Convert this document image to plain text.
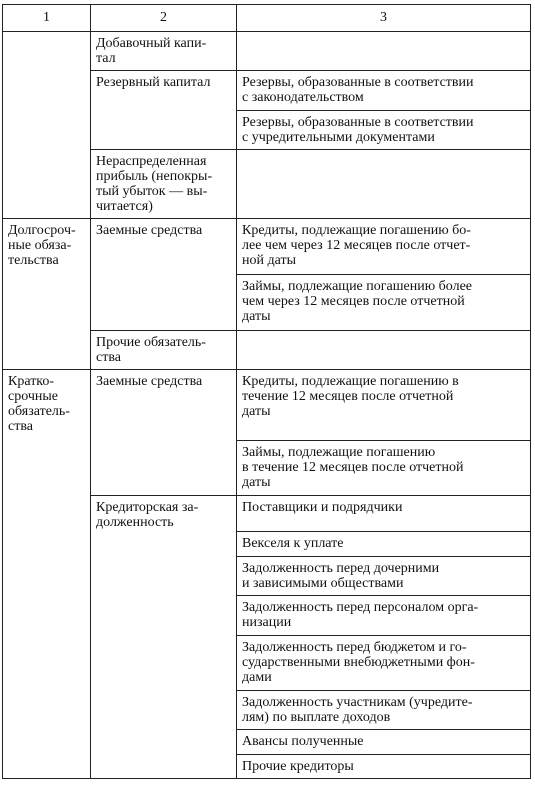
1	2	3
	Добавочный капи-
тал	
	Резервный капитал	Резервы, образованные в соответствии
с законодательством
		Резервы, образованные в соответствии
с учредительными документами
	Нераспределенная
прибыль (непокры-
тый убыток — вы-
читается)	
Долгосроч-
ные обяза-
тельства	Заемные средства	Кредиты, подлежащие погашению бо-
лее чем через 12 месяцев после отчет-
ной даты
		Займы, подлежащие погашению более
чем через 12 месяцев после отчетной
даты
	Прочие обязатель-
ства	
Кратко-
срочные
обязатель-
ства	Заемные средства	Кредиты, подлежащие погашению в
течение 12 месяцев после отчетной
даты
		Займы, подлежащие погашению
в течение 12 месяцев после отчетной
даты
	Кредиторская за-
долженность	Поставщики и подрядчики
		Векселя к уплате
		Задолженность перед дочерними
и зависимыми обществами
		Задолженность перед персоналом орга-
низации
		Задолженность перед бюджетом и го-
сударственными внебюджетными фон-
дами
		Задолженность участникам (учредите-
лям) по выплате доходов
		Авансы полученные
		Прочие кредиторы
